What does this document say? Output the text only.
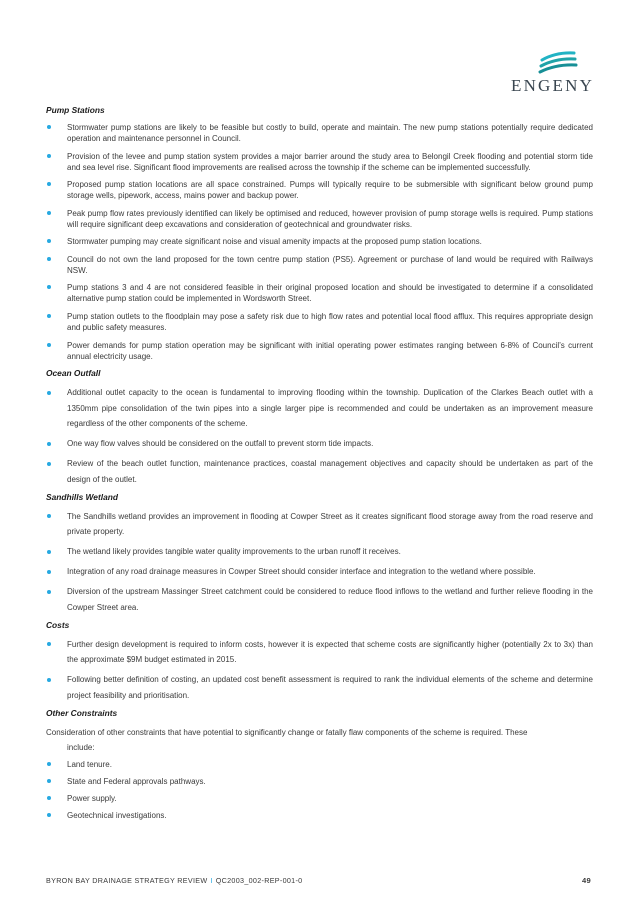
ENGENY
Pump Stations
Stormwater pump stations are likely to be feasible but costly to build, operate and maintain. The new pump stations potentially require dedicated operation and maintenance personnel in Council.
Provision of the levee and pump station system provides a major barrier around the study area to Belongil Creek flooding and potential storm tide and sea level rise. Significant flood improvements are realised across the township if the scheme can be implemented successfully.
Proposed pump station locations are all space constrained. Pumps will typically require to be submersible with significant below ground pump storage wells, pipework, access, mains power and backup power.
Peak pump flow rates previously identified can likely be optimised and reduced, however provision of pump storage wells is required. Pump stations will require significant deep excavations and consideration of geotechnical and groundwater risks.
Stormwater pumping may create significant noise and visual amenity impacts at the proposed pump station locations.
Council do not own the land proposed for the town centre pump station (PS5). Agreement or purchase of land would be required with Railways NSW.
Pump stations 3 and 4 are not considered feasible in their original proposed location and should be investigated to determine if a consolidated alternative pump station could be implemented in Wordsworth Street.
Pump station outlets to the floodplain may pose a safety risk due to high flow rates and potential local flood afflux. This requires appropriate design and public safety measures.
Power demands for pump station operation may be significant with initial operating power estimates ranging between 6-8% of Council’s current annual electricity usage.
Ocean Outfall
Additional outlet capacity to the ocean is fundamental to improving flooding within the township. Duplication of the Clarkes Beach outlet with a 1350mm pipe consolidation of the twin pipes into a single larger pipe is recommended and could be undertaken as an improvement measure regardless of the other components of the scheme.
One way flow valves should be considered on the outfall to prevent storm tide impacts.
Review of the beach outlet function, maintenance practices, coastal management objectives and capacity should be undertaken as part of the design of the outlet.
Sandhills Wetland
The Sandhills wetland provides an improvement in flooding at Cowper Street as it creates significant flood storage away from the road reserve and private property.
The wetland likely provides tangible water quality improvements to the urban runoff it receives.
Integration of any road drainage measures in Cowper Street should consider interface and integration to the wetland where possible.
Diversion of the upstream Massinger Street catchment could be considered to reduce flood inflows to the wetland and further relieve flooding in the Cowper Street area.
Costs
Further design development is required to inform costs, however it is expected that scheme costs are significantly higher (potentially 2x to 3x) than the approximate $9M budget estimated in 2015.
Following better definition of costing, an updated cost benefit assessment is required to rank the individual elements of the scheme and determine project feasibility and prioritisation.
Other Constraints
Consideration of other constraints that have potential to significantly change or fatally flaw components of the scheme is required. These
include:
Land tenure.
State and Federal approvals pathways.
Power supply.
Geotechnical investigations.
BYRON BAY DRAINAGE STRATEGY REVIEW I QC2003_002-REP-001-0	49
